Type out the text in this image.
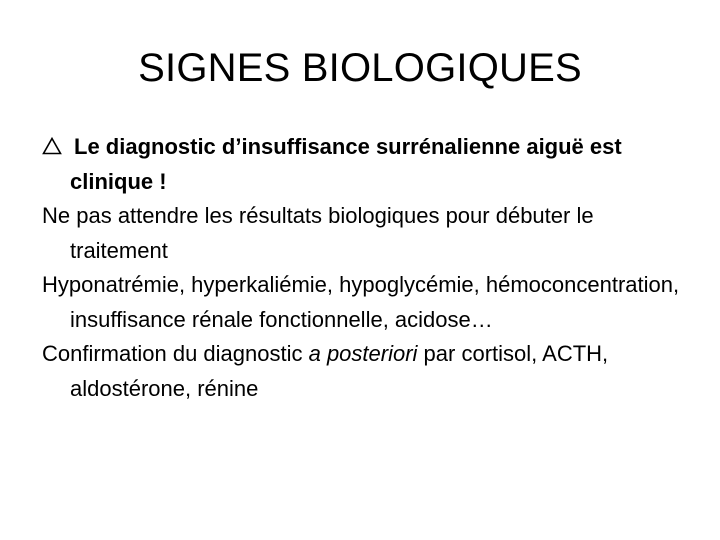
SIGNES BIOLOGIQUES

Le diagnostic d’insuffisance surrénalienne aiguë est clinique !

Ne pas attendre les résultats biologiques pour débuter le traitement

Hyponatrémie, hyperkaliémie, hypoglycémie, hémoconcentration, insuffisance rénale fonctionnelle, acidose…

Confirmation du diagnostic a posteriori par cortisol, ACTH, aldostérone, rénine
